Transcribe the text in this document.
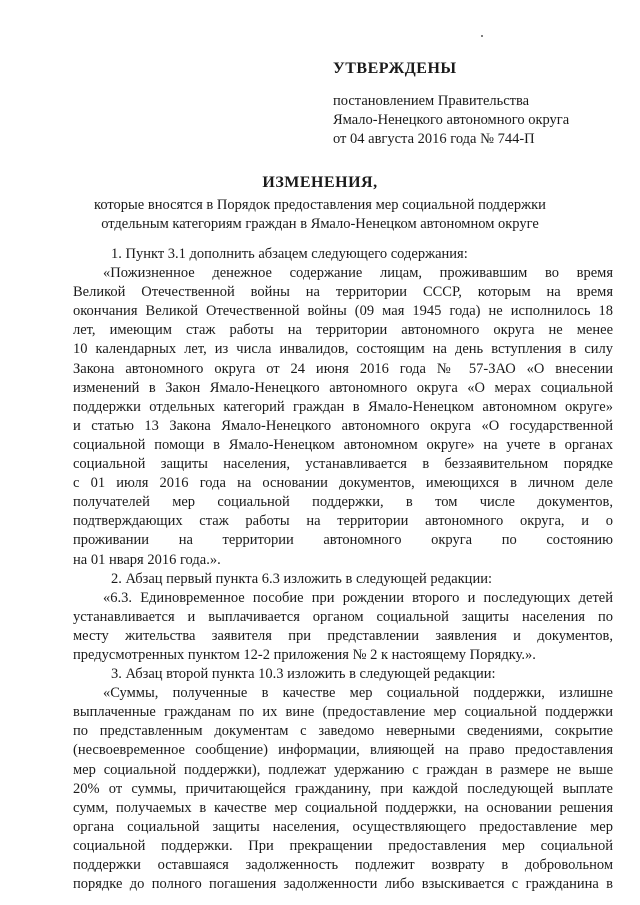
УТВЕРЖДЕНЫ
постановлением Правительства
Ямало-Ненецкого автономного округа
от 04 августа 2016 года № 744-П
ИЗМЕНЕНИЯ,
которые вносятся в Порядок предоставления мер социальной поддержки
отдельным категориям граждан в Ямало-Ненецком автономном округе
1. Пункт 3.1 дополнить абзацем следующего содержания:
«Пожизненное денежное содержание лицам, проживавшим во время
Великой Отечественной войны на территории СССР, которым на время
окончания Великой Отечественной войны (09 мая 1945 года) не исполнилось 18
лет, имеющим стаж работы на территории автономного округа не менее
10 календарных лет, из числа инвалидов, состоящим на день вступления в силу
Закона автономного округа от 24 июня 2016 года № 57-ЗАО «О внесении
изменений в Закон Ямало-Ненецкого автономного округа «О мерах социальной
поддержки отдельных категорий граждан в Ямало-Ненецком автономном округе»
и статью 13 Закона Ямало-Ненецкого автономного округа «О государственной
социальной помощи в Ямало-Ненецком автономном округе» на учете в органах
социальной защиты населения, устанавливается в беззаявительном порядке
с 01 июля 2016 года на основании документов, имеющихся в личном деле
получателей мер социальной поддержки, в том числе документов,
подтверждающих стаж работы на территории автономного округа, и о
проживании на территории автономного округа по состоянию
на 01 нваря 2016 года.».
2. Абзац первый пункта 6.3 изложить в следующей редакции:
«6.3. Единовременное пособие при рождении второго и последующих детей
устанавливается и выплачивается органом социальной защиты населения по
месту жительства заявителя при представлении заявления и документов,
предусмотренных пунктом 12-2 приложения № 2 к настоящему Порядку.».
3. Абзац второй пункта 10.3 изложить в следующей редакции:
«Суммы, полученные в качестве мер социальной поддержки, излишне
выплаченные гражданам по их вине (предоставление мер социальной поддержки
по представленным документам с заведомо неверными сведениями, сокрытие
(несвоевременное сообщение) информации, влияющей на право предоставления
мер социальной поддержки), подлежат удержанию с граждан в размере не выше
20% от суммы, причитающейся гражданину, при каждой последующей выплате
сумм, получаемых в качестве мер социальной поддержки, на основании решения
органа социальной защиты населения, осуществляющего предоставление мер
социальной поддержки. При прекращении предоставления мер социальной
поддержки оставшаяся задолженность подлежит возврату в добровольном
порядке до полного погашения задолженности либо взыскивается с гражданина в
